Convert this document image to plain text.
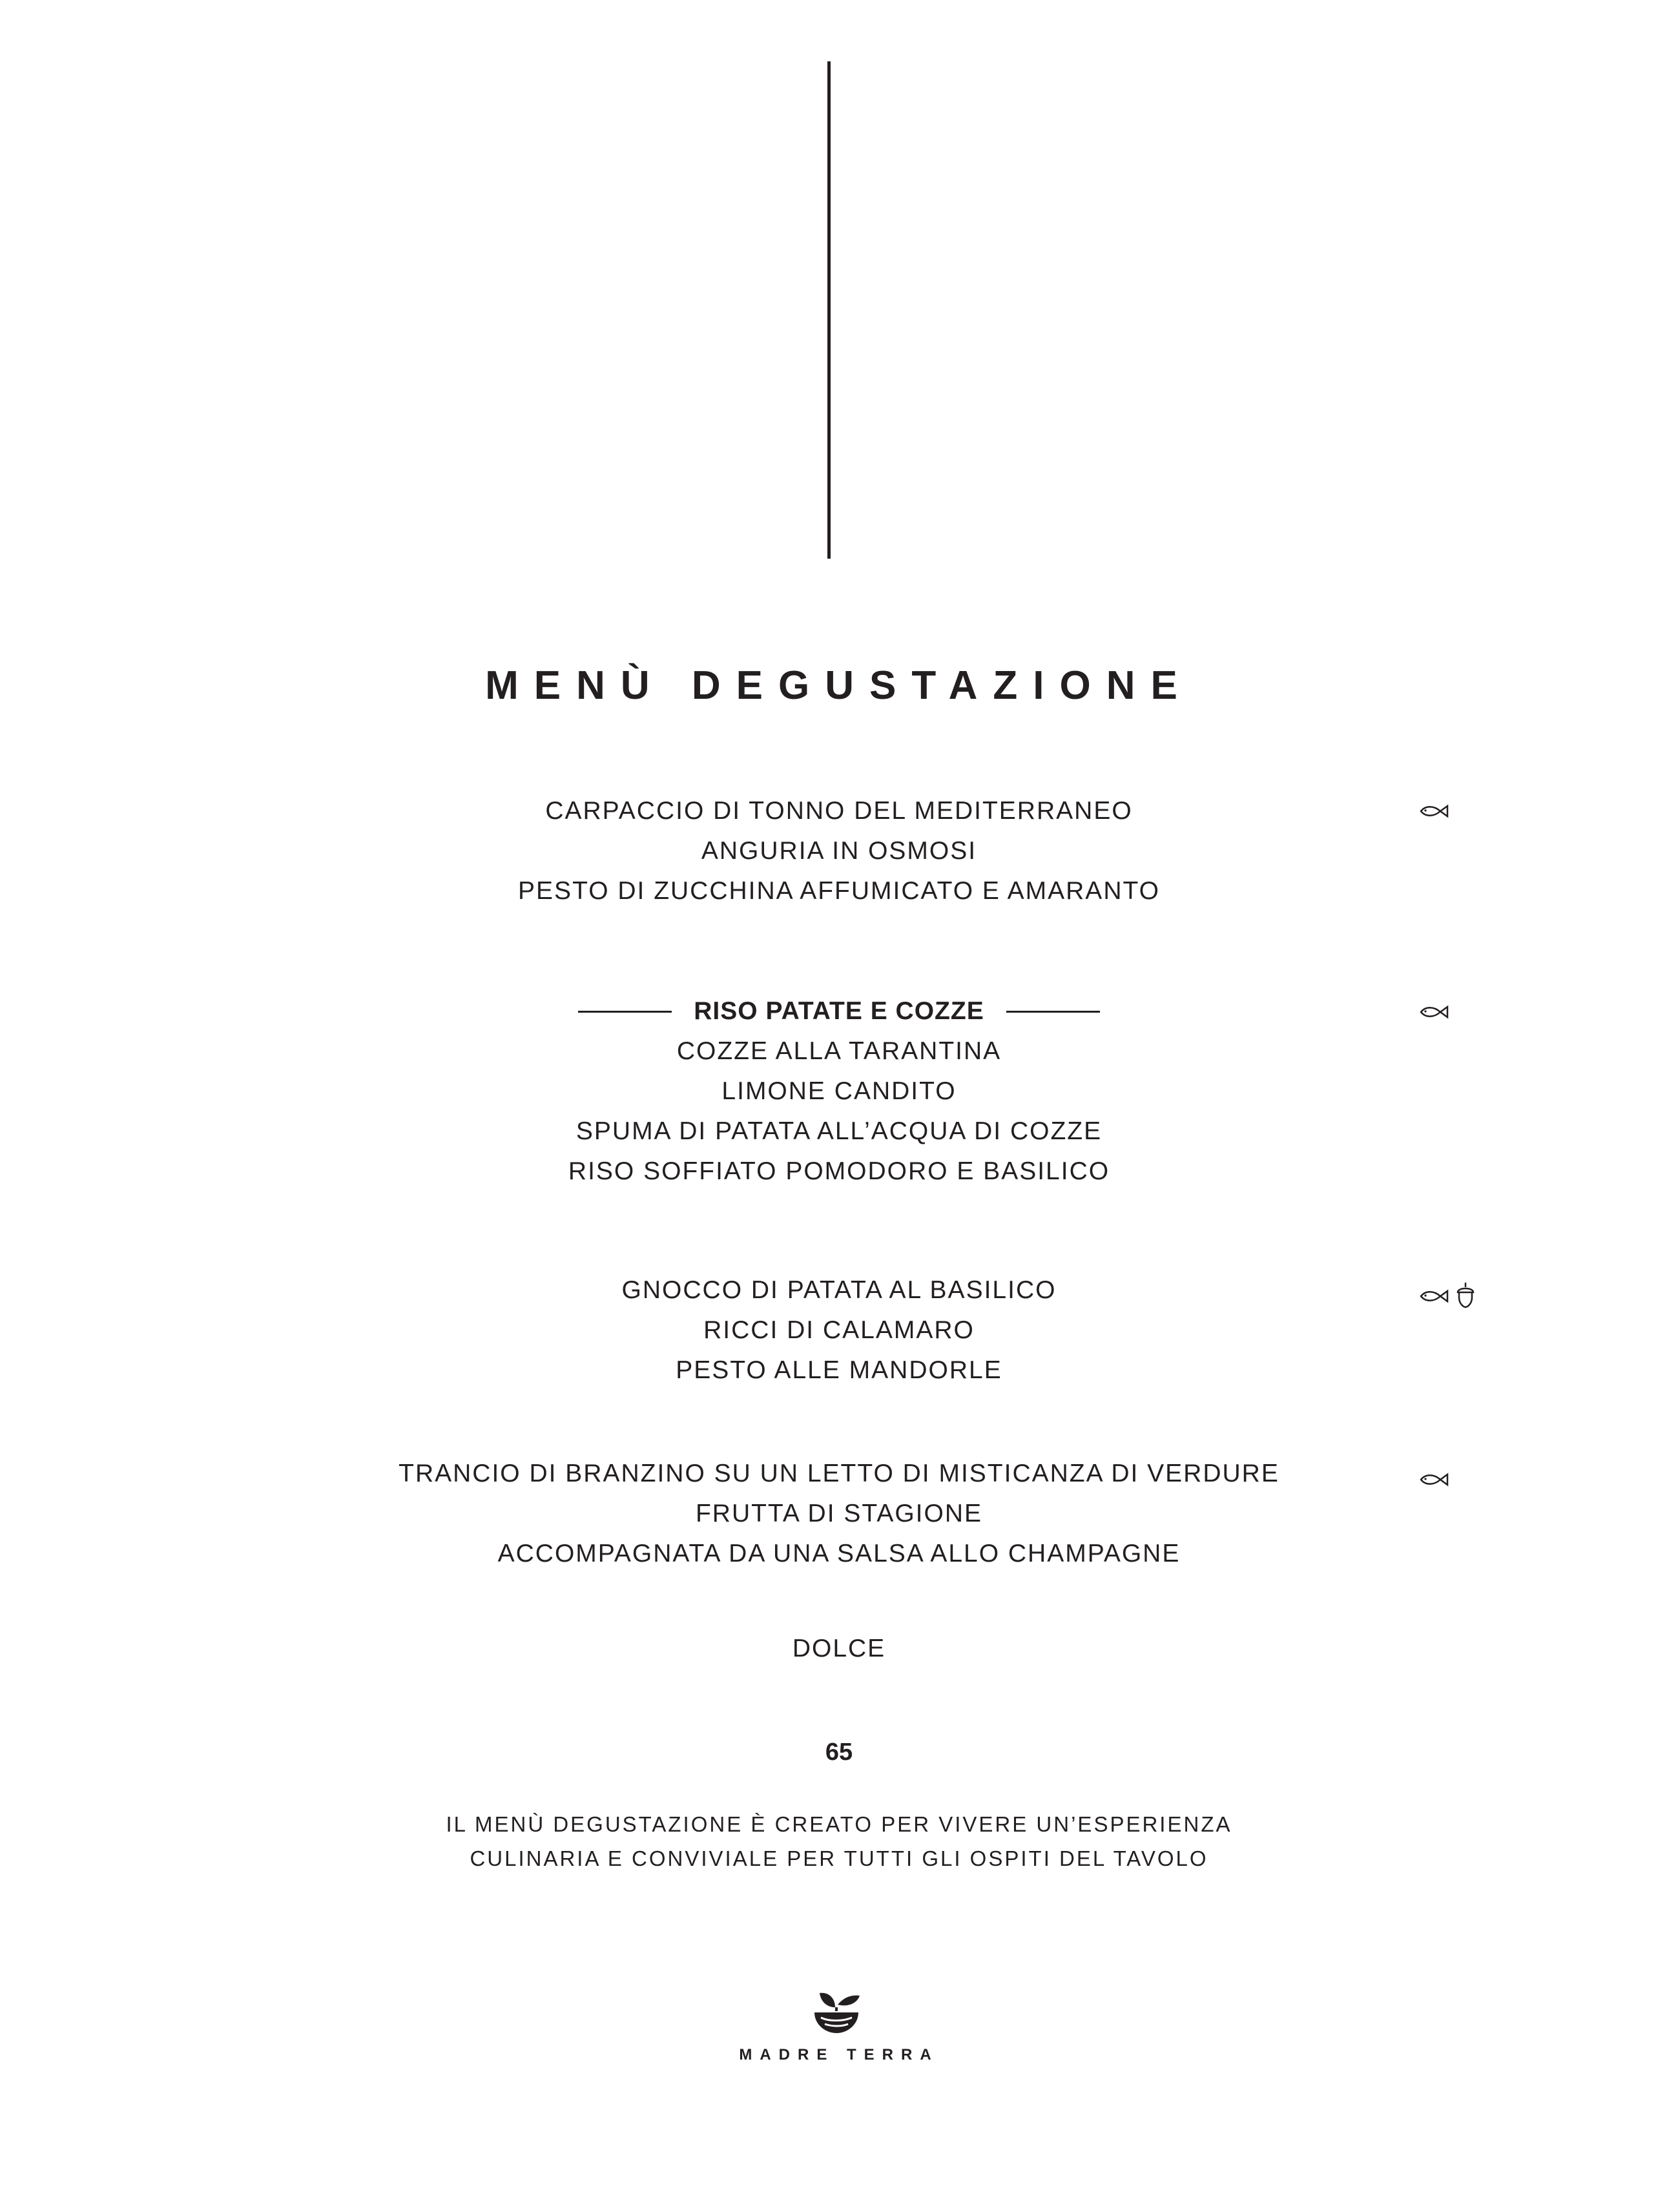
MENÙ DEGUSTAZIONE
CARPACCIO DI TONNO DEL MEDITERRANEO
ANGURIA IN OSMOSI
PESTO DI ZUCCHINA AFFUMICATO E AMARANTO
RISO PATATE E COZZE
COZZE ALLA TARANTINA
LIMONE CANDITO
SPUMA DI PATATA ALL’ACQUA DI COZZE
RISO SOFFIATO POMODORO E BASILICO
GNOCCO DI PATATA AL BASILICO
RICCI DI CALAMARO
PESTO ALLE MANDORLE
TRANCIO DI BRANZINO SU UN LETTO DI MISTICANZA DI VERDURE
FRUTTA DI STAGIONE
ACCOMPAGNATA DA UNA SALSA ALLO CHAMPAGNE
DOLCE
65
IL MENÙ DEGUSTAZIONE È CREATO PER VIVERE UN’ESPERIENZA
CULINARIA E CONVIVIALE PER TUTTI GLI OSPITI DEL TAVOLO
MADRE TERRA
